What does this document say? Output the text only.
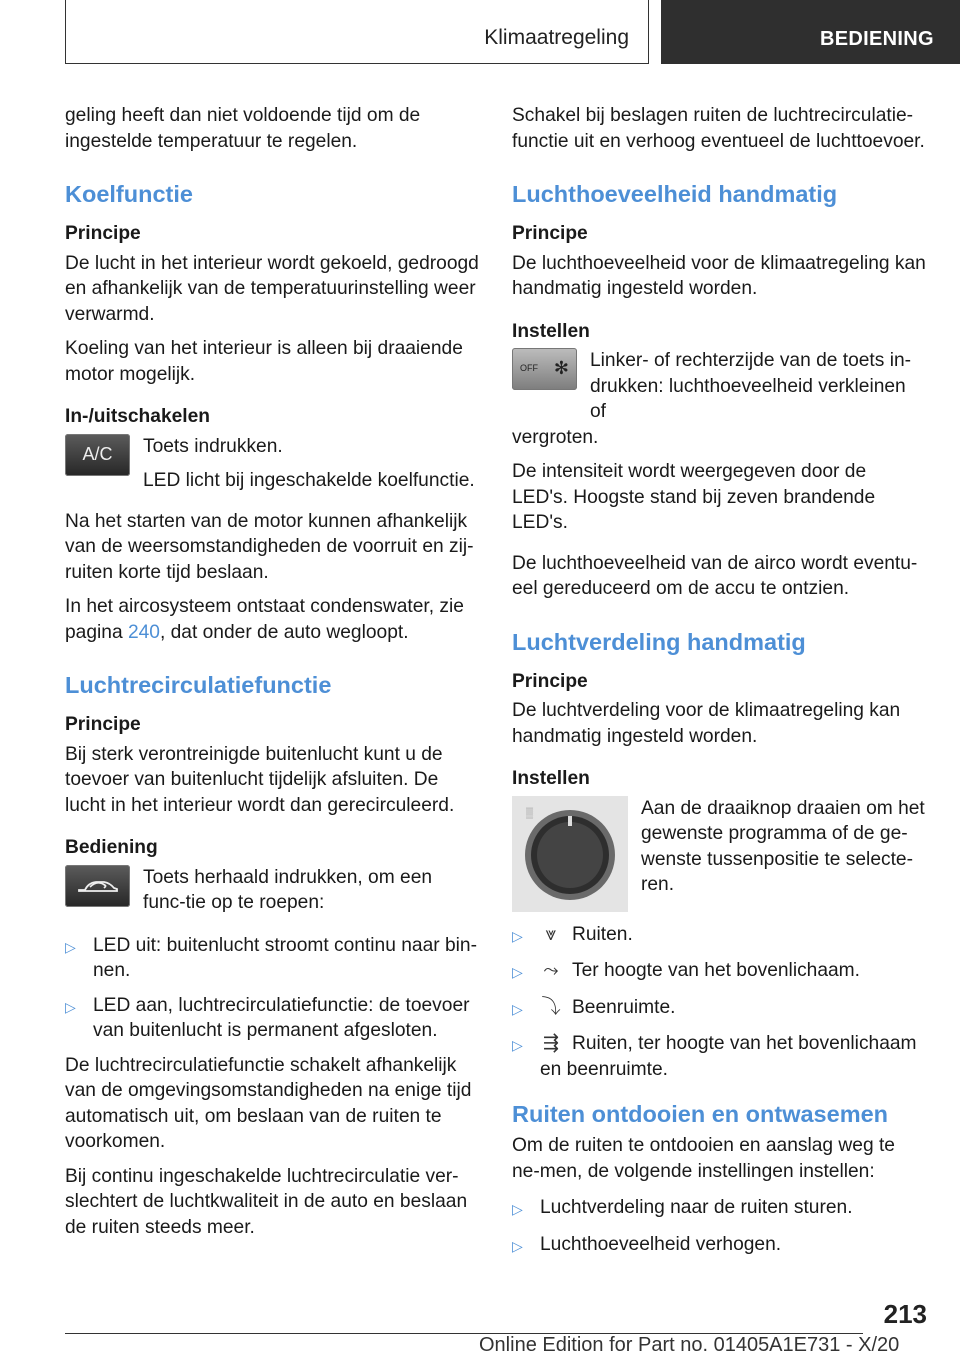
Klimaatregeling	BEDIENING

geling heeft dan niet voldoende tijd om de ingestelde temperatuur te regelen.

Koelfunctie
Principe

De lucht in het interieur wordt gekoeld, gedroogd en afhankelijk van de temperatuurinstelling weer verwarmd.

Koeling van het interieur is alleen bij draaiende motor mogelijk.

In-/uitschakelen
A/C Toets indrukken.

LED licht bij ingeschakelde koelfunctie.

Na het starten van de motor kunnen afhankelijk van de weersomstandigheden de voorruit en zij-ruiten korte tijd beslaan.

In het aircosysteem ontstaat condenswater, zie pagina 240, dat onder de auto wegloopt.

Luchtrecirculatiefunctie
Principe

Bij sterk verontreinigde buitenlucht kunt u de toevoer van buitenlucht tijdelijk afsluiten. De lucht in het interieur wordt dan gerecirculeerd.

Bediening

Toets herhaald indrukken, om een func-tie op te roepen:

▷ LED uit: buitenlucht stroomt continu naar bin-nen.
▷ LED aan, luchtrecirculatiefunctie: de toevoer van buitenlucht is permanent afgesloten.

De luchtrecirculatiefunctie schakelt afhankelijk van de omgevingsomstandigheden na enige tijd automatisch uit, om beslaan van de ruiten te voorkomen.

Bij continu ingeschakelde luchtrecirculatie ver-slechtert de luchtkwaliteit in de auto en beslaan de ruiten steeds meer.

Schakel bij beslagen ruiten de luchtrecirculatie-functie uit en verhoog eventueel de luchttoevoer.

Luchthoeveelheid handmatig
Principe

De luchthoeveelheid voor de klimaatregeling kan handmatig ingesteld worden.

Instellen
OFF ✻ Linker- of rechterzijde van de toets in-drukken: luchthoeveelheid verkleinen of

vergroten.

De intensiteit wordt weergegeven door de LED's. Hoogste stand bij zeven brandende LED's.

De luchthoeveelheid van de airco wordt eventu-eel gereduceerd om de accu te ontzien.

Luchtverdeling handmatig
Principe

De luchtverdeling voor de klimaatregeling kan handmatig ingesteld worden.

Instellen
▒	Aan de draaiknop draaien om het gewenste programma of de ge-wenste tussenpositie te selecte-ren.

▷	⩔ Ruiten.
▷	⤳ Ter hoogte van het bovenlichaam.
▷ ⤵ Beenruimte.
▷	⇶ Ruiten, ter hoogte van het bovenlichaam en beenruimte.
Ruiten ontdooien en ontwasemen

Om de ruiten te ontdooien en aanslag weg te ne-men, de volgende instellingen instellen:

▷ Luchtverdeling naar de ruiten sturen.
▷ Luchthoeveelheid verhogen.
213
Online Edition for Part no. 01405A1E731 - X/20
